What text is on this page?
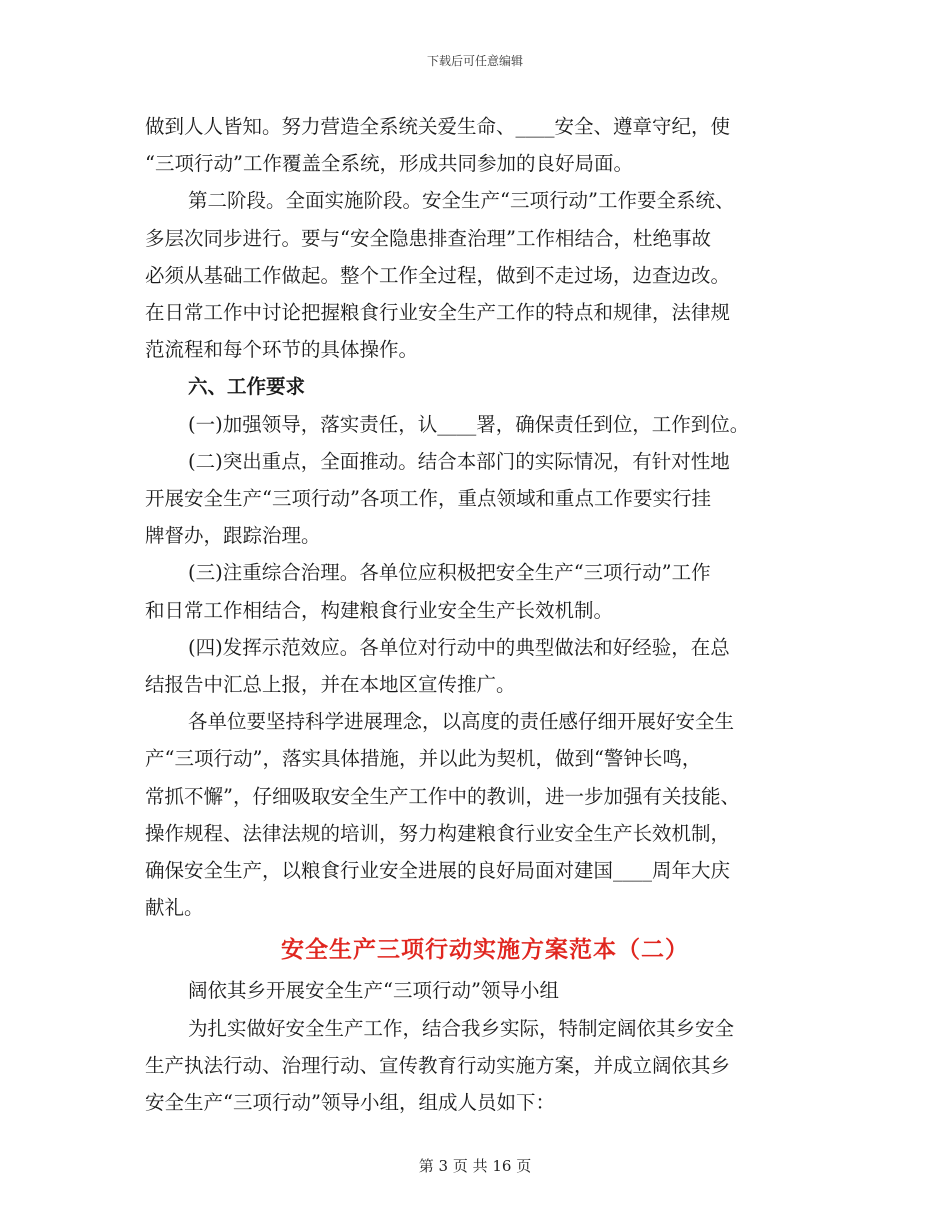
下载后可任意编辑

做到人人皆知。努力营造全系统关爱生命、____安全、遵章守纪，使

“三项行动”工作覆盖全系统，形成共同参加的良好局面。

第二阶段。全面实施阶段。安全生产“三项行动”工作要全系统、

多层次同步进行。要与“安全隐患排查治理”工作相结合，杜绝事故

必须从基础工作做起。整个工作全过程，做到不走过场，边查边改。

在日常工作中讨论把握粮食行业安全生产工作的特点和规律，法律规

范流程和每个环节的具体操作。

六、工作要求

(一)加强领导，落实责任，认____署，确保责任到位，工作到位。

(二)突出重点，全面推动。结合本部门的实际情况，有针对性地

开展安全生产“三项行动”各项工作，重点领域和重点工作要实行挂

牌督办，跟踪治理。

(三)注重综合治理。各单位应积极把安全生产“三项行动”工作

和日常工作相结合，构建粮食行业安全生产长效机制。

(四)发挥示范效应。各单位对行动中的典型做法和好经验，在总

结报告中汇总上报，并在本地区宣传推广。

各单位要坚持科学进展理念，以高度的责任感仔细开展好安全生

产“三项行动”，落实具体措施，并以此为契机，做到“警钟长鸣，

常抓不懈”，仔细吸取安全生产工作中的教训，进一步加强有关技能、

操作规程、法律法规的培训，努力构建粮食行业安全生产长效机制，

确保安全生产，以粮食行业安全进展的良好局面对建国____周年大庆

献礼。

安全生产三项行动实施方案范本（二）

阔依其乡开展安全生产“三项行动”领导小组

为扎实做好安全生产工作，结合我乡实际，特制定阔依其乡安全

生产执法行动、治理行动、宣传教育行动实施方案，并成立阔依其乡

安全生产“三项行动”领导小组，组成人员如下：

第 3 页 共 16 页
